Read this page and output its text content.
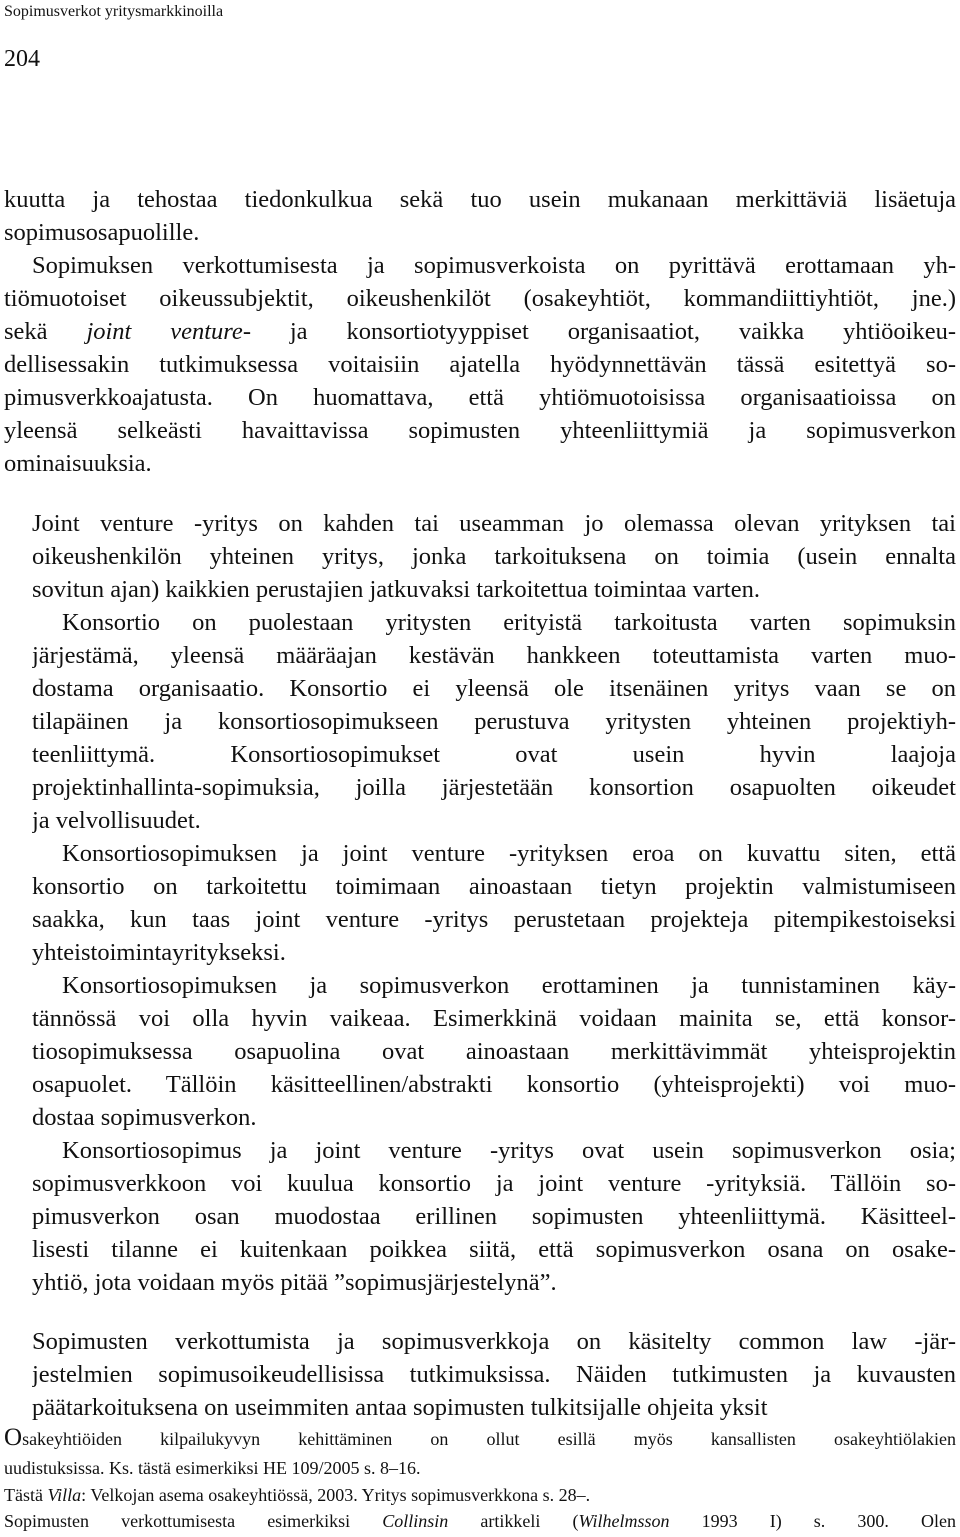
Sopimusverkot yritysmarkkinoilla
204
kuutta ja tehostaa tiedonkulkua sekä tuo usein mukanaan merkittäviä lisäetuja
sopimusosapuolille.
Sopimuksen verkottumisesta ja sopimusverkoista on pyrittävä erottamaan yh-
tiömuotoiset oikeussubjektit, oikeushenkilöt (osakeyhtiöt, kommandiittiyhtiöt, jne.)
sekä joint venture- ja konsortiotyyppiset organisaatiot, vaikka yhtiöoikeu-
dellisessakin tutkimuksessa voitaisiin ajatella hyödynnettävän tässä esitettyä so-
pimusverkkoajatusta. On huomattava, että yhtiömuotoisissa organisaatioissa on
yleensä selkeästi havaittavissa sopimusten yhteenliittymiä ja sopimusverkon
ominaisuuksia.
Joint venture -yritys on kahden tai useamman jo olemassa olevan yrityksen tai
oikeushenkilön yhteinen yritys, jonka tarkoituksena on toimia (usein ennalta
sovitun ajan) kaikkien perustajien jatkuvaksi tarkoitettua toimintaa varten.
Konsortio on puolestaan yritysten erityistä tarkoitusta varten sopimuksin
järjestämä, yleensä määräajan kestävän hankkeen toteuttamista varten muo-
dostama organisaatio. Konsortio ei yleensä ole itsenäinen yritys vaan se on
tilapäinen ja konsortiosopimukseen perustuva yritysten yhteinen projektiyh-
teenliittymä. Konsortiosopimukset ovat usein hyvin laajoja
projektinhallinta-sopimuksia, joilla järjestetään konsortion osapuolten oikeudet
ja velvollisuudet.
Konsortiosopimuksen ja joint venture -yrityksen eroa on kuvattu siten, että
konsortio on tarkoitettu toimimaan ainoastaan tietyn projektin valmistumiseen
saakka, kun taas joint venture -yritys perustetaan projekteja pitempikestoiseksi
yhteistoimintayritykseksi.
Konsortiosopimuksen ja sopimusverkon erottaminen ja tunnistaminen käy-
tännössä voi olla hyvin vaikeaa. Esimerkkinä voidaan mainita se, että konsor-
tiosopimuksessa osapuolina ovat ainoastaan merkittävimmät yhteisprojektin
osapuolet. Tällöin käsitteellinen/abstrakti konsortio (yhteisprojekti) voi muo-
dostaa sopimusverkon.
Konsortiosopimus ja joint venture -yritys ovat usein sopimusverkon osia;
sopimusverkkoon voi kuulua konsortio ja joint venture -yrityksiä. Tällöin so-
pimusverkon osan muodostaa erillinen sopimusten yhteenliittymä. Käsitteel-
lisesti tilanne ei kuitenkaan poikkea siitä, että sopimusverkon osana on osake-
yhtiö, jota voidaan myös pitää ”sopimusjärjestelynä”.
Sopimusten verkottumista ja sopimusverkkoja on käsitelty common law -jär-
jestelmien sopimusoikeudellisissa tutkimuksissa. Näiden tutkimusten ja kuvausten
päätarkoituksena on useimmiten antaa sopimusten tulkitsijalle ohjeita yksit
Osakeyhtiöiden kilpailukyvyn kehittäminen on ollut esillä myös kansallisten osakeyhtiölakien
uudistuksissa. Ks. tästä esimerkiksi HE 109/2005 s. 8–16.
Tästä Villa: Velkojan asema osakeyhtiössä, 2003. Yritys sopimusverkkona s. 28–.
Sopimusten verkottumisesta esimerkiksi Collinsin artikkeli (Wilhelmsson 1993 I) s. 300. Olen
